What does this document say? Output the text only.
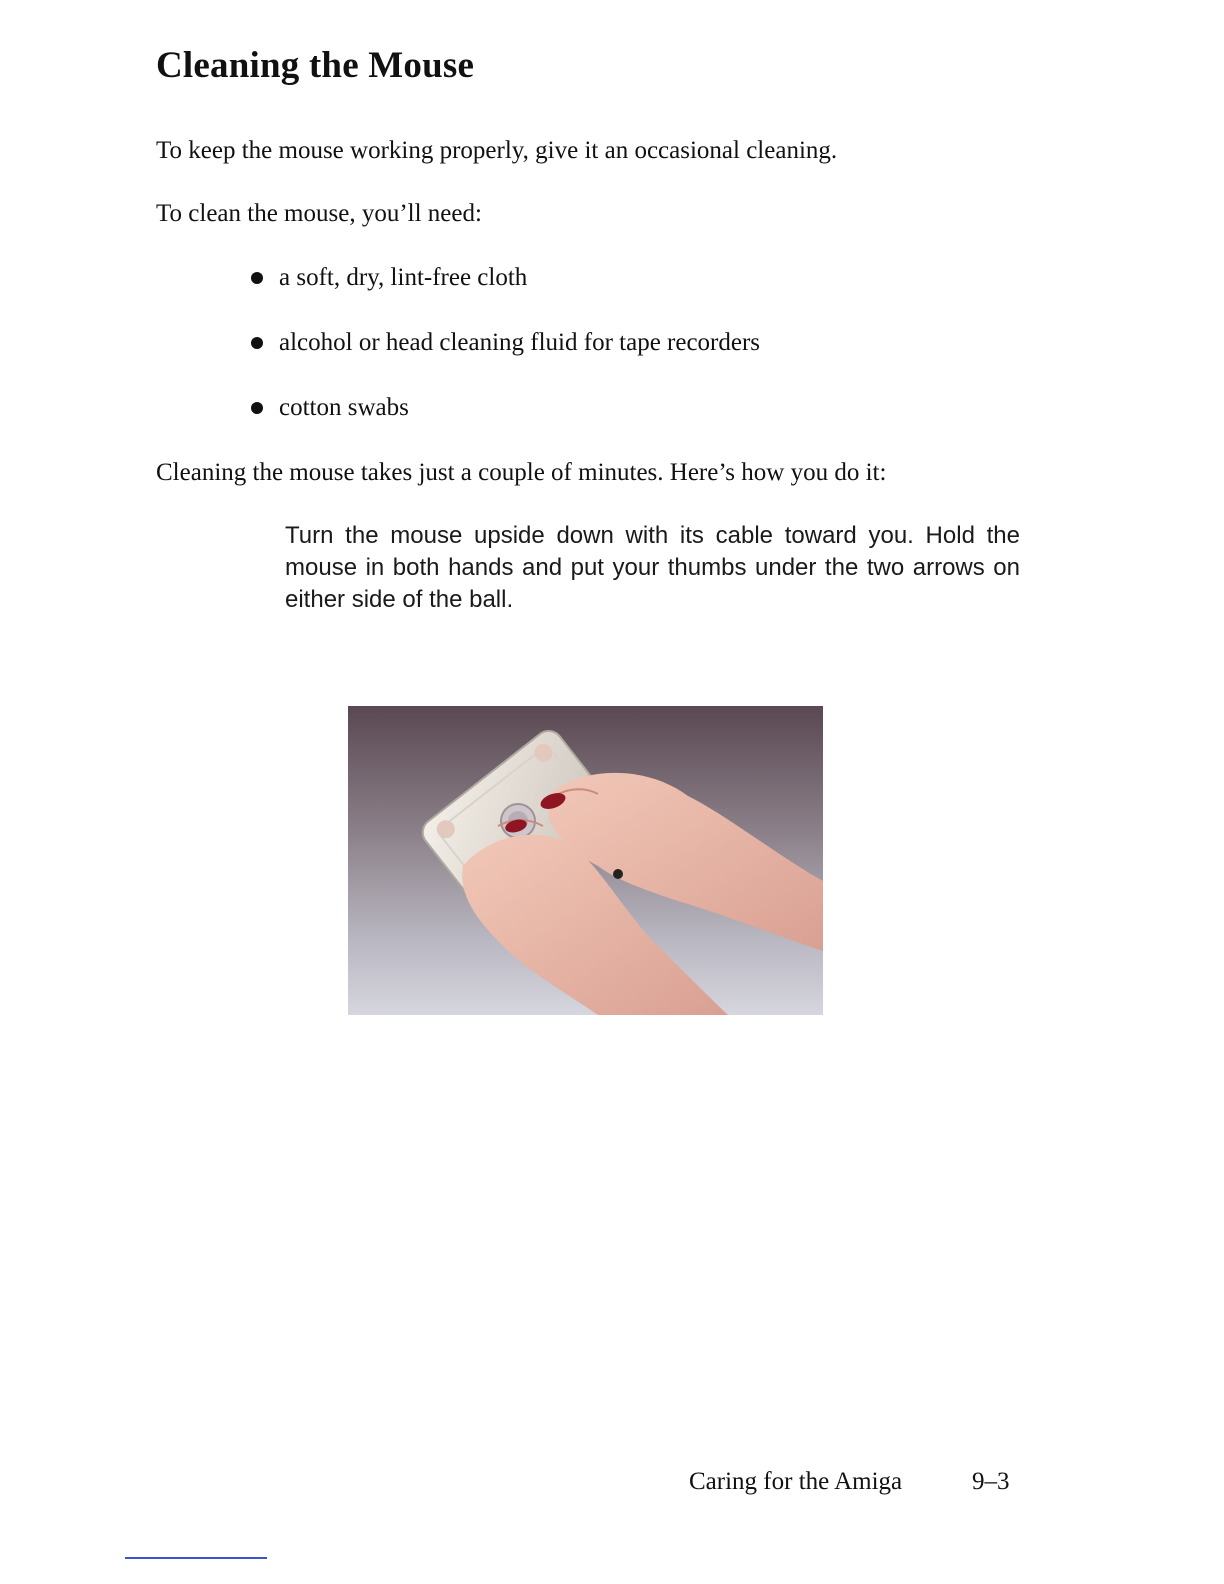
Cleaning the Mouse

To keep the mouse working properly, give it an occasional cleaning.

To clean the mouse, you’ll need:

a soft, dry, lint-free cloth
alcohol or head cleaning fluid for tape recorders
cotton swabs

Cleaning the mouse takes just a couple of minutes. Here’s how you do it:

Turn the mouse upside down with its cable toward you. Hold the mouse in both hands and put your thumbs under the two arrows on either side of the ball.

Caring for the Amiga	9–3
